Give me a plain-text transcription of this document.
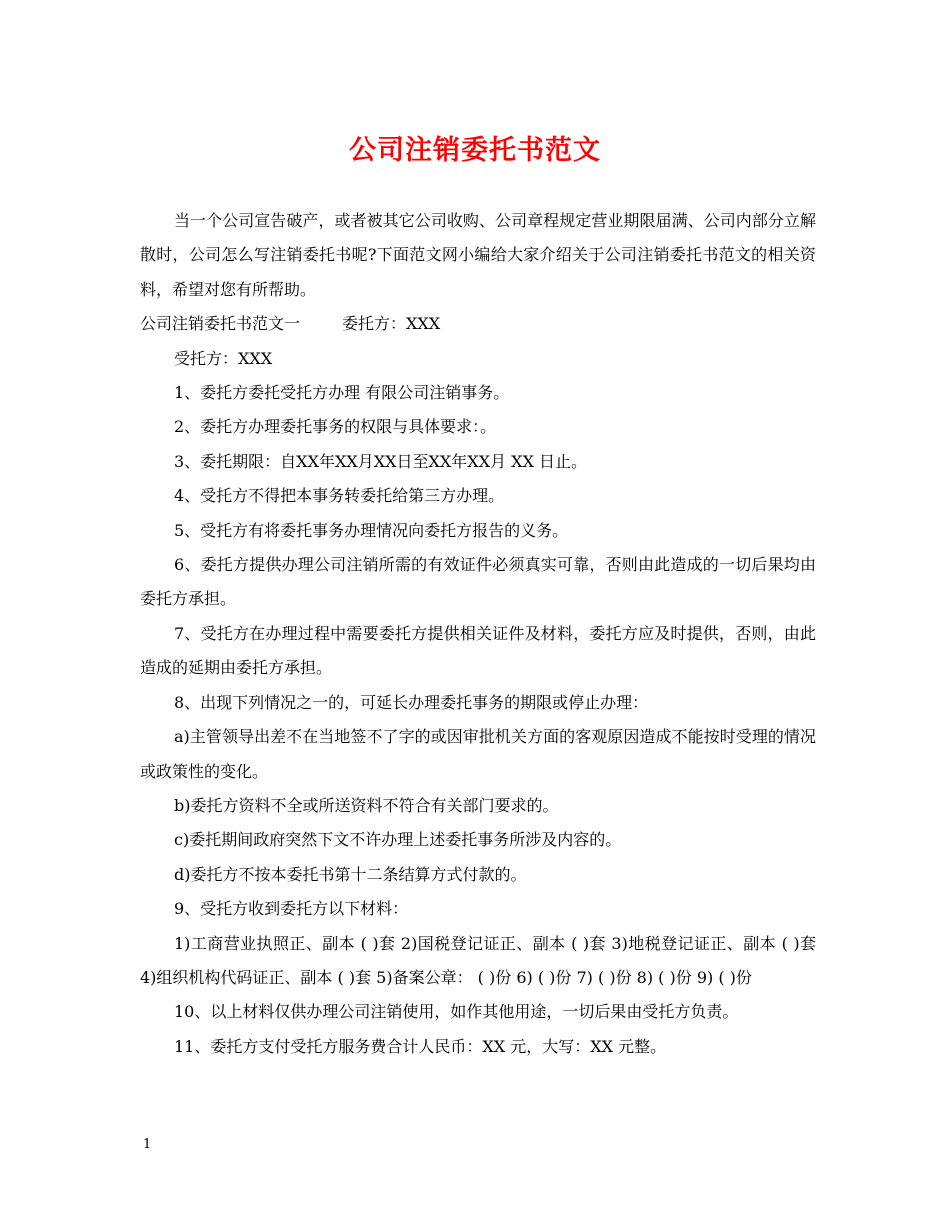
公司注销委托书范文

当一个公司宣告破产，或者被其它公司收购、公司章程规定营业期限届满、公司内部分立解散时，公司怎么写注销委托书呢?下面范文网小编给大家介绍关于公司注销委托书范文的相关资料，希望对您有所帮助。

公司注销委托书范文一	委托方：XXX

受托方：XXX

1、委托方委托受托方办理 有限公司注销事务。

2、委托方办理委托事务的权限与具体要求：。

3、委托期限：自XX年XX月XX日至XX年XX月 XX 日止。

4、受托方不得把本事务转委托给第三方办理。

5、受托方有将委托事务办理情况向委托方报告的义务。

6、委托方提供办理公司注销所需的有效证件必须真实可靠，否则由此造成的一切后果均由委托方承担。

7、受托方在办理过程中需要委托方提供相关证件及材料，委托方应及时提供，否则，由此造成的延期由委托方承担。

8、出现下列情况之一的，可延长办理委托事务的期限或停止办理：

a)主管领导出差不在当地签不了字的或因审批机关方面的客观原因造成不能按时受理的情况或政策性的变化。

b)委托方资料不全或所送资料不符合有关部门要求的。

c)委托期间政府突然下文不许办理上述委托事务所涉及内容的。

d)委托方不按本委托书第十二条结算方式付款的。

9、受托方收到委托方以下材料：

1)工商营业执照正、副本 ( )套 2)国税登记证正、副本 ( )套 3)地税登记证正、副本 ( )套 4)组织机构代码证正、副本 ( )套 5)备案公章： ( )份 6) ( )份 7) ( )份 8) ( )份 9) ( )份

10、以上材料仅供办理公司注销使用，如作其他用途，一切后果由受托方负责。

11、委托方支付受托方服务费合计人民币：XX 元，大写：XX 元整。

1
